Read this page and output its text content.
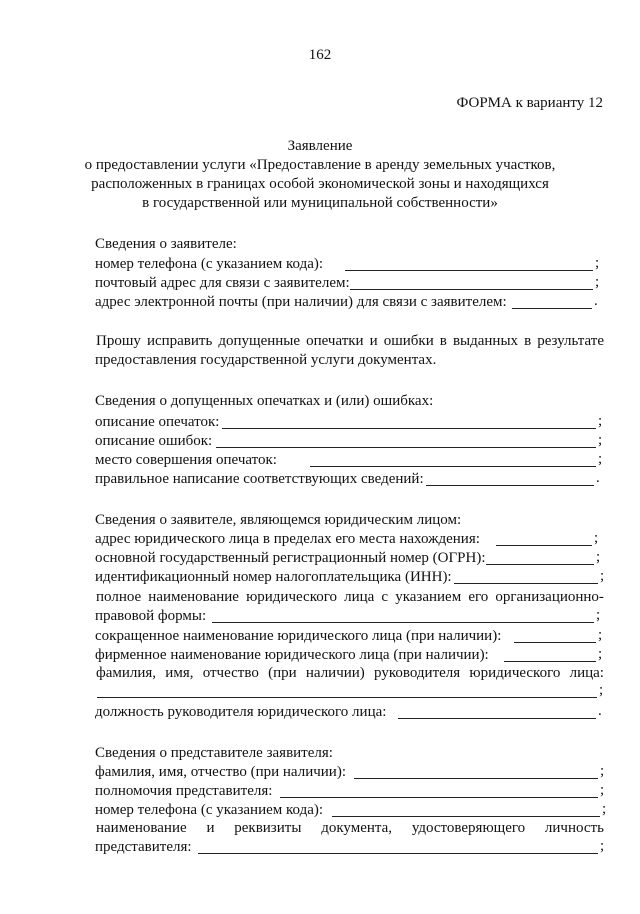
162
ФОРМА к варианту 12
Заявление
о предоставлении услуги «Предоставление в аренду земельных участков,
расположенных в границах особой экономической зоны и находящихся
в государственной или муниципальной собственности»
Сведения о заявителе:
номер телефона (с указанием кода):	;
почтовый адрес для связи с заявителем:	;
адрес электронной почты (при наличии) для связи с заявителем:	.
Прошу исправить допущенные опечатки и ошибки в выданных в результате
предоставления государственной услуги документах.
Сведения о допущенных опечатках и (или) ошибках:
описание опечаток:	;
описание ошибок:	;
место совершения опечаток:	;
правильное написание соответствующих сведений:	.
Сведения о заявителе, являющемся юридическим лицом:
адрес юридического лица в пределах его места нахождения:	;
основной государственный регистрационный номер (ОГРН):	;
идентификационный номер налогоплательщика (ИНН):	;
полное наименование юридического лица с указанием его организационно-
правовой формы:	;
сокращенное наименование юридического лица (при наличии):	;
фирменное наименование юридического лица (при наличии):	;
фамилия, имя, отчество (при наличии) руководителя юридического лица:
;
должность руководителя юридического лица:	.
Сведения о представителе заявителя:
фамилия, имя, отчество (при наличии):	;
полномочия представителя:	;
номер телефона (с указанием кода):	;
наименование и реквизиты документа, удостоверяющего личность
представителя:	;
